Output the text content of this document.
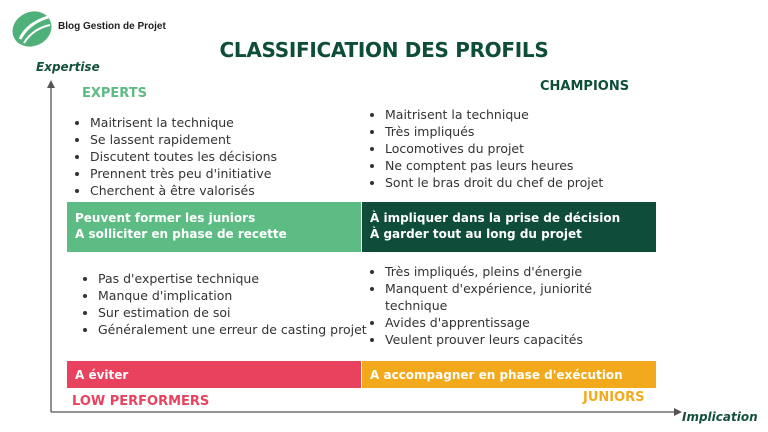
Blog Gestion de Projet
CLASSIFICATION DES PROFILS
Expertise
Implication
EXPERTS
• Maitrisent la technique
• Se lassent rapidement
• Discutent toutes les décisions
• Prennent très peu d'initiative
• Cherchent à être valorisés
Peuvent former les juniors
A solliciter en phase de recette
CHAMPIONS
• Maitrisent la technique
• Très impliqués
• Locomotives du projet
• Ne comptent pas leurs heures
• Sont le bras droit du chef de projet
À impliquer dans la prise de décision
À garder tout au long du projet
• Pas d'expertise technique
• Manque d'implication
• Sur estimation de soi
• Généralement une erreur de casting projet
A éviter
LOW PERFORMERS
• Très impliqués, pleins d'énergie
• Manquent d'expérience, juniorité technique
• Avides d'apprentissage
• Veulent prouver leurs capacités
A accompagner en phase d'exécution
JUNIORS
